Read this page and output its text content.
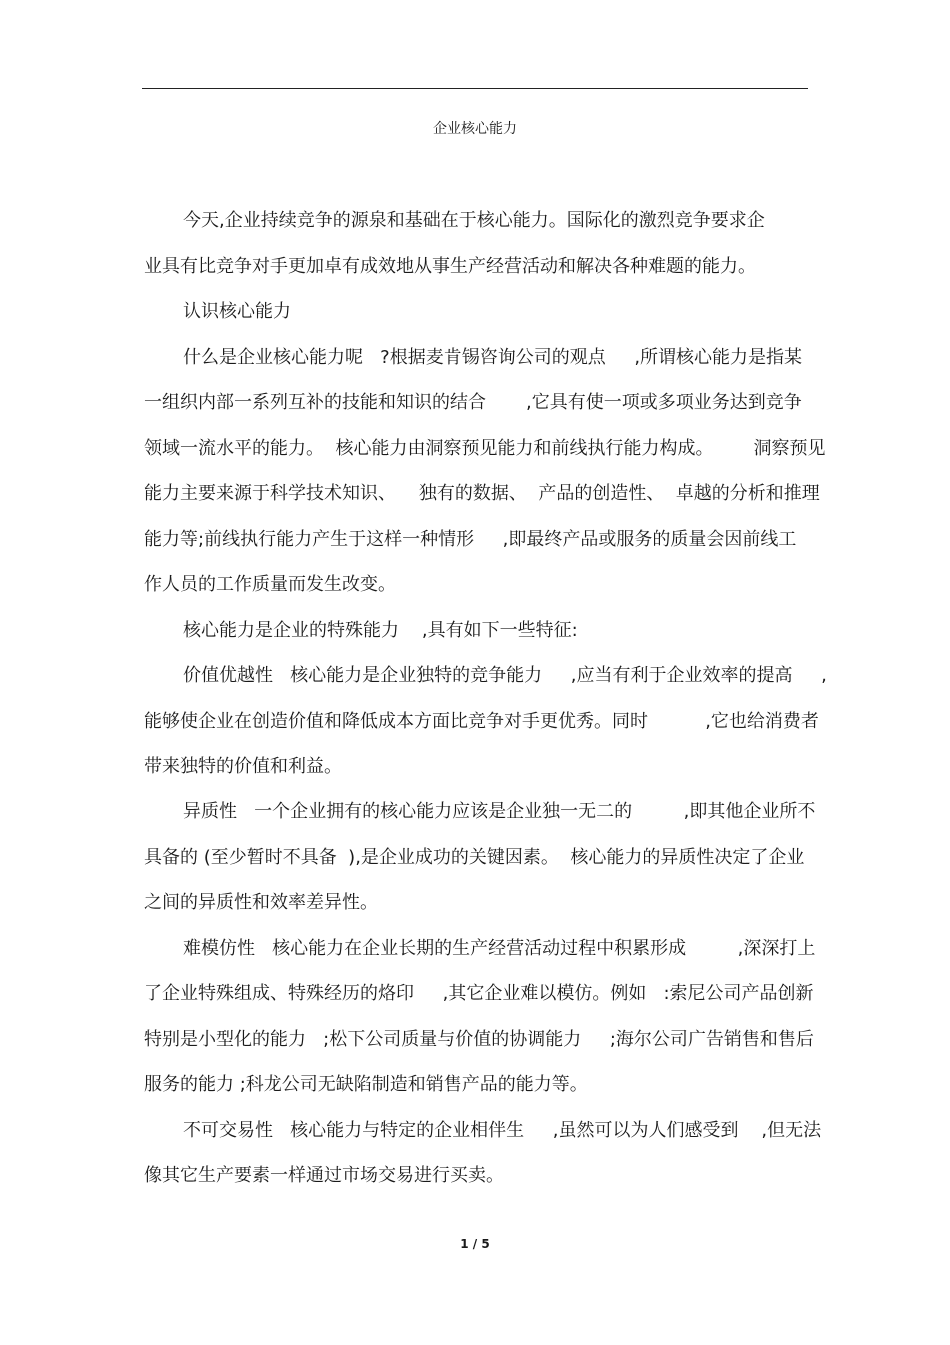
企业核心能力
今天,企业持续竞争的源泉和基础在于核心能力。国际化的激烈竞争要求企
业具有比竞争对手更加卓有成效地从事生产经营活动和解决各种难题的能力。
认识核心能力
什么是企业核心能力呢   ?根据麦肯锡咨询公司的观点     ,所谓核心能力是指某
一组织内部一系列互补的技能和知识的结合       ,它具有使一项或多项业务达到竞争
领域一流水平的能力。  核心能力由洞察预见能力和前线执行能力构成。       洞察预见
能力主要来源于科学技术知识、    独有的数据、  产品的创造性、  卓越的分析和推理
能力等;前线执行能力产生于这样一种情形     ,即最终产品或服务的质量会因前线工
作人员的工作质量而发生改变。
核心能力是企业的特殊能力    ,具有如下一些特征:
价值优越性   核心能力是企业独特的竞争能力     ,应当有利于企业效率的提高     ,
能够使企业在创造价值和降低成本方面比竞争对手更优秀。同时          ,它也给消费者
带来独特的价值和利益。
异质性   一个企业拥有的核心能力应该是企业独一无二的         ,即其他企业所不
具备的 (至少暂时不具备  ),是企业成功的关键因素。  核心能力的异质性决定了企业
之间的异质性和效率差异性。
难模仿性   核心能力在企业长期的生产经营活动过程中积累形成         ,深深打上
了企业特殊组成、特殊经历的烙印     ,其它企业难以模仿。例如   :索尼公司产品创新
特别是小型化的能力   ;松下公司质量与价值的协调能力     ;海尔公司广告销售和售后
服务的能力 ;科龙公司无缺陷制造和销售产品的能力等。
不可交易性   核心能力与特定的企业相伴生     ,虽然可以为人们感受到    ,但无法
像其它生产要素一样通过市场交易进行买卖。
1 / 5
